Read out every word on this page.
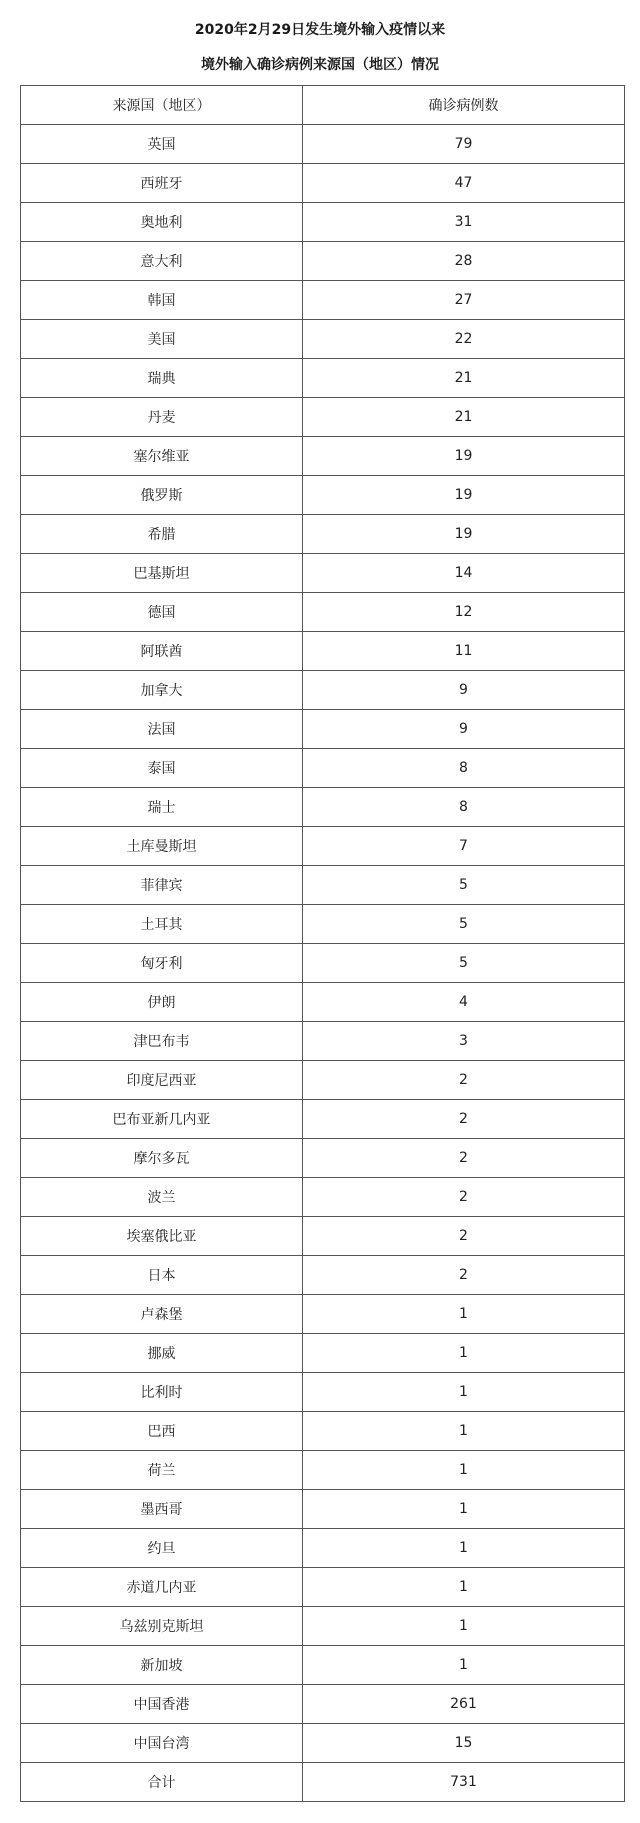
2020年2月29日发生境外输入疫情以来
境外输入确诊病例来源国（地区）情况
来源国（地区）	确诊病例数
英国	79
西班牙	47
奥地利	31
意大利	28
韩国	27
美国	22
瑞典	21
丹麦	21
塞尔维亚	19
俄罗斯	19
希腊	19
巴基斯坦	14
德国	12
阿联酋	11
加拿大	9
法国	9
泰国	8
瑞士	8
土库曼斯坦	7
菲律宾	5
土耳其	5
匈牙利	5
伊朗	4
津巴布韦	3
印度尼西亚	2
巴布亚新几内亚	2
摩尔多瓦	2
波兰	2
埃塞俄比亚	2
日本	2
卢森堡	1
挪威	1
比利时	1
巴西	1
荷兰	1
墨西哥	1
约旦	1
赤道几内亚	1
乌兹别克斯坦	1
新加坡	1
中国香港	261
中国台湾	15
合计	731
